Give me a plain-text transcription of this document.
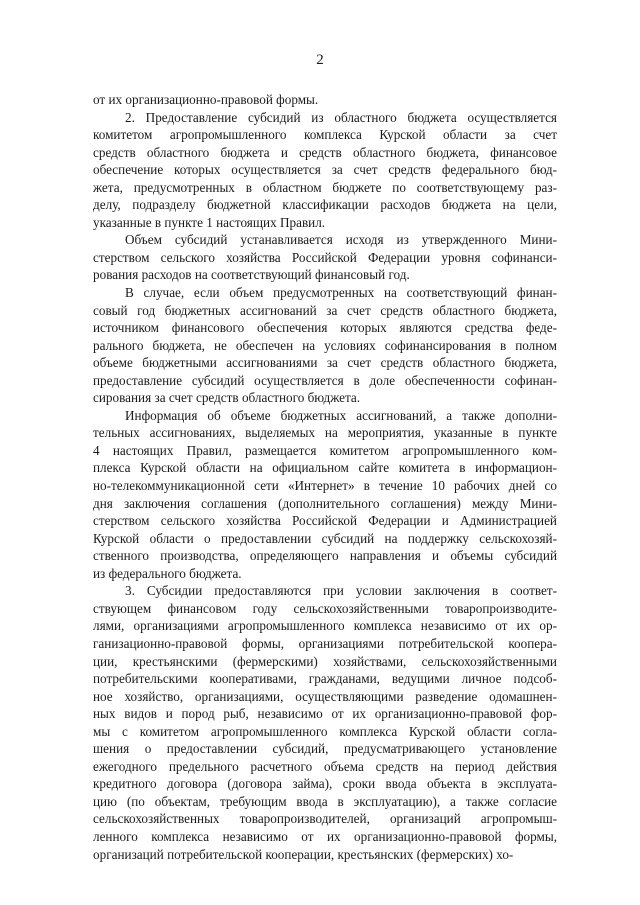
2
от их организационно-правовой формы.
2. Предоставление субсидий из областного бюджета осуществляется
комитетом агропромышленного комплекса Курской области за счет
средств областного бюджета и средств областного бюджета, финансовое
обеспечение которых осуществляется за счет средств федерального бюд-
жета, предусмотренных в областном бюджете по соответствующему раз-
делу, подразделу бюджетной классификации расходов бюджета на цели,
указанные в пункте 1 настоящих Правил.
Объем субсидий устанавливается исходя из утвержденного Мини-
стерством сельского хозяйства Российской Федерации уровня софинанси-
рования расходов на соответствующий финансовый год.
В случае, если объем предусмотренных на соответствующий финан-
совый год бюджетных ассигнований за счет средств областного бюджета,
источником финансового обеспечения которых являются средства феде-
рального бюджета, не обеспечен на условиях софинансирования в полном
объеме бюджетными ассигнованиями за счет средств областного бюджета,
предоставление субсидий осуществляется в доле обеспеченности софинан-
сирования за счет средств областного бюджета.
Информация об объеме бюджетных ассигнований, а также дополни-
тельных ассигнованиях, выделяемых на мероприятия, указанные в пункте
4 настоящих Правил, размещается комитетом агропромышленного ком-
плекса Курской области на официальном сайте комитета в информацион-
но-телекоммуникационной сети «Интернет» в течение 10 рабочих дней со
дня заключения соглашения (дополнительного соглашения) между Мини-
стерством сельского хозяйства Российской Федерации и Администрацией
Курской области о предоставлении субсидий на поддержку сельскохозяй-
ственного производства, определяющего направления и объемы субсидий
из федерального бюджета.
3. Субсидии предоставляются при условии заключения в соответ-
ствующем финансовом году сельскохозяйственными товаропроизводите-
лями, организациями агропромышленного комплекса независимо от их ор-
ганизационно-правовой формы, организациями потребительской коопера-
ции, крестьянскими (фермерскими) хозяйствами, сельскохозяйственными
потребительскими кооперативами, гражданами, ведущими личное подсоб-
ное хозяйство, организациями, осуществляющими разведение одомашнен-
ных видов и пород рыб, независимо от их организационно-правовой фор-
мы с комитетом агропромышленного комплекса Курской области согла-
шения о предоставлении субсидий, предусматривающего установление
ежегодного предельного расчетного объема средств на период действия
кредитного договора (договора займа), сроки ввода объекта в эксплуата-
цию (по объектам, требующим ввода в эксплуатацию), а также согласие
сельскохозяйственных товаропроизводителей, организаций агропромыш-
ленного комплекса независимо от их организационно-правовой формы,
организаций потребительской кооперации, крестьянских (фермерских) хо-
